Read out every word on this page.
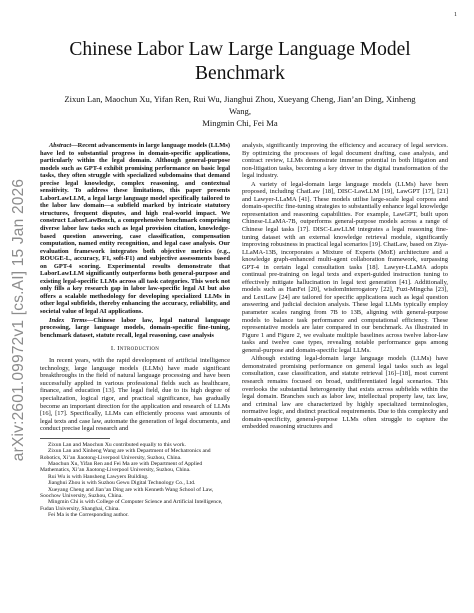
1
arXiv:2601.09972v1 [cs.AI] 15 Jan 2026
Chinese Labor Law Large Language Model Benchmark
Zixun Lan, Maochun Xu, Yifan Ren, Rui Wu, Jianghui Zhou, Xueyang Cheng, Jian’an Ding, Xinheng Wang,
Mingmin Chi, Fei Ma

Abstract—Recent advancements in large language models (LLMs) have led to substantial progress in domain-specific applications, particularly within the legal domain. Although general-purpose models such as GPT-4 exhibit promising performance on basic legal tasks, they often struggle with specialized subdomains that demand precise legal knowledge, complex reasoning, and contextual sensitivity. To address these limitations, this paper presents LaborLawLLM, a legal large language model specifically tailored to the labor law domain—a subfield marked by intricate statutory structures, frequent disputes, and high real-world impact. We construct LaborLawBench, a comprehensive benchmark comprising diverse labor law tasks such as legal provision citation, knowledge-based question answering, case classification, compensation computation, named entity recognition, and legal case analysis. Our evaluation framework integrates both objective metrics (e.g., ROUGE-L, accuracy, F1, soft-F1) and subjective assessments based on GPT-4 scoring. Experimental results demonstrate that LaborLawLLM significantly outperforms both general-purpose and existing legal-specific LLMs across all task categories. This work not only fills a key research gap in labor law-specific legal AI but also offers a scalable methodology for developing specialized LLMs in other legal subfields, thereby enhancing the accuracy, reliability, and societal value of legal AI applications.

Index Terms—Chinese labor law, legal natural language processing, large language models, domain-specific fine-tuning, benchmark dataset, statute recall, legal reasoning, case analysis

I. Introduction

In recent years, with the rapid development of artificial intelligence technology, large language models (LLMs) have made significant breakthroughs in the field of natural language processing and have been successfully applied in various professional fields such as healthcare, finance, and education [13]. The legal field, due to its high degree of specialization, logical rigor, and practical significance, has gradually become an important direction for the application and research of LLMs [16], [17]. Specifically, LLMs can efficiently process vast amounts of legal texts and case law, automate the generation of legal documents, and conduct precise legal research and

Zixun Lan and Maochun Xu contributed equally to this work.
Zixun Lan and Xinheng Wang are with Department of Mechatronics and Robotics, Xi’an Jiaotong-Liverpool University, Suzhou, China.
Maochun Xu, Yifan Ren and Fei Ma are with Department of Applied Mathematics, Xi’an Jiaotong-Liverpool University, Suzhou, China.
Rui Wu is with Hansheng Lawyers Building.
Jianghui Zhou is with Suzhou Gewu Digital Technology Co., Ltd.
Xueyang Cheng and Jian’an Ding are with Kenneth Wang School of Law, Soochow University, Suzhou, China.
Mingmin Chi is with College of Computer Science and Artificial Intelligence, Fudan University, Shanghai, China.
Fei Ma is the Corresponding author.

analysis, significantly improving the efficiency and accuracy of legal services. By optimizing the processes of legal document drafting, case analysis, and contract review, LLMs demonstrate immense potential in both litigation and non-litigation tasks, becoming a key driver in the digital transformation of the legal industry.

A variety of legal-domain large language models (LLMs) have been proposed, including ChatLaw [18], DISC-LawLLM [19], LawGPT [17], [21] and Lawyer-LLaMA [41]. These models utilise large-scale legal corpora and domain-specific fine-tuning strategies to substantially enhance legal knowledge representation and reasoning capabilities. For example, LawGPT, built upon Chinese-LLaMA-7B, outperforms general-purpose models across a range of Chinese legal tasks [17]. DISC-LawLLM integrates a legal reasoning fine-tuning dataset with an external knowledge retrieval module, significantly improving robustness in practical legal scenarios [19]. ChatLaw, based on Ziya-LLaMA-13B, incorporates a Mixture of Experts (MoE) architecture and a knowledge graph-enhanced multi-agent collaboration framework, surpassing GPT-4 in certain legal consultation tasks [18]. Lawyer-LLaMA adopts continual pre-training on legal texts and expert-guided instruction tuning to effectively mitigate hallucination in legal text generation [41]. Additionally, models such as HanFei [20], wisdomInterrogatory [22], Fuzi-Mingcha [23], and LexiLaw [24] are tailored for specific applications such as legal question answering and judicial decision analysis. These legal LLMs typically employ parameter scales ranging from 7B to 13B, aligning with general-purpose models to balance task performance and computational efficiency. These representative models are later compared in our benchmark. As illustrated in Figure 1 and Figure 2, we evaluate multiple baselines across twelve labor-law tasks and twelve case types, revealing notable performance gaps among general-purpose and domain-specific legal LLMs.

Although existing legal-domain large language models (LLMs) have demonstrated promising performance on general legal tasks such as legal consultation, case classification, and statute retrieval [16]–[18], most current research remains focused on broad, undifferentiated legal scenarios. This overlooks the substantial heterogeneity that exists across subfields within the legal domain. Branches such as labor law, intellectual property law, tax law, and criminal law are characterized by highly specialized terminologies, normative logic, and distinct practical requirements. Due to this complexity and domain-specificity, general-purpose LLMs often struggle to capture the embedded reasoning structures and
